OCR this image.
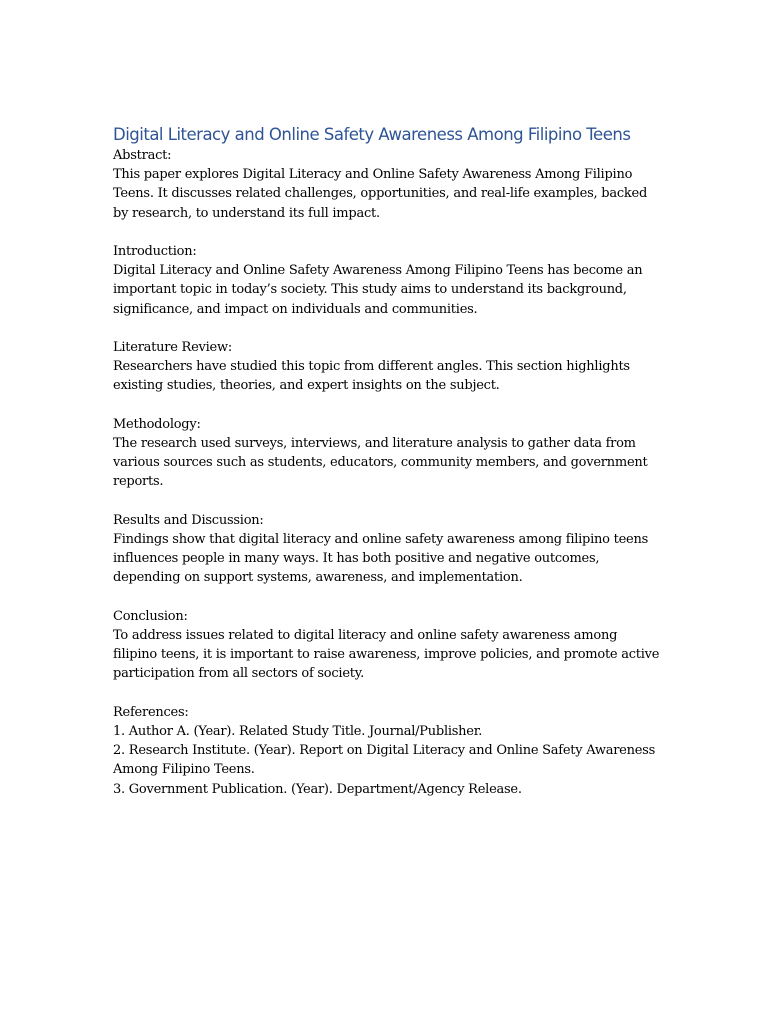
Digital Literacy and Online Safety Awareness Among Filipino Teens
Abstract:
This paper explores Digital Literacy and Online Safety Awareness Among Filipino Teens. It discusses related challenges, opportunities, and real-life examples, backed by research, to understand its full impact.
Introduction:
Digital Literacy and Online Safety Awareness Among Filipino Teens has become an important topic in today’s society. This study aims to understand its background, significance, and impact on individuals and communities.
Literature Review:
Researchers have studied this topic from different angles. This section highlights existing studies, theories, and expert insights on the subject.
Methodology:
The research used surveys, interviews, and literature analysis to gather data from various sources such as students, educators, community members, and government reports.
Results and Discussion:
Findings show that digital literacy and online safety awareness among filipino teens influences people in many ways. It has both positive and negative outcomes, depending on support systems, awareness, and implementation.
Conclusion:
To address issues related to digital literacy and online safety awareness among filipino teens, it is important to raise awareness, improve policies, and promote active participation from all sectors of society.
References:
1. Author A. (Year). Related Study Title. Journal/Publisher.
2. Research Institute. (Year). Report on Digital Literacy and Online Safety Awareness Among Filipino Teens.
3. Government Publication. (Year). Department/Agency Release.
